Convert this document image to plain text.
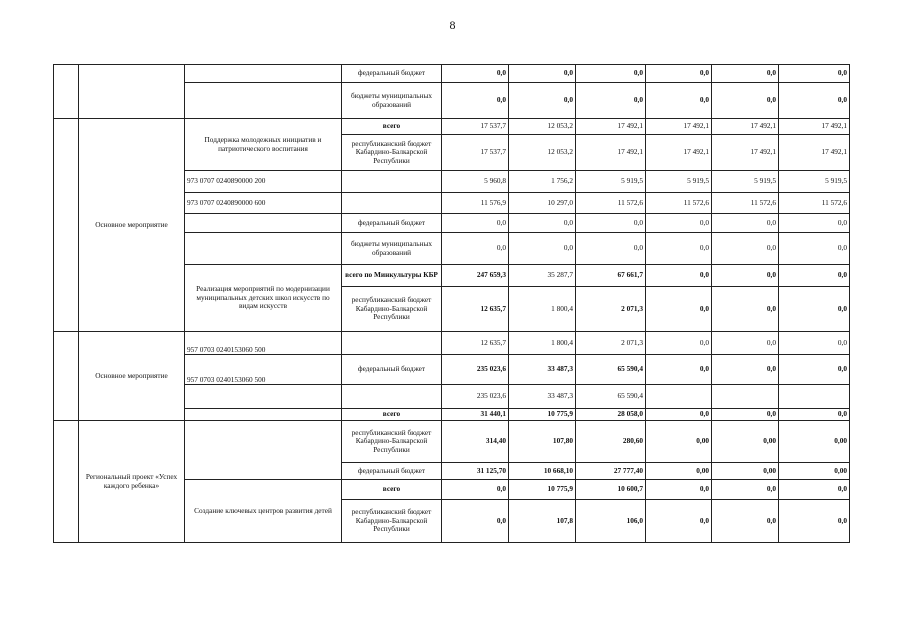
8
			федеральный бюджет	0,0	0,0	0,0	0,0	0,0	0,0
			бюджеты муниципальных образований	0,0	0,0	0,0	0,0	0,0	0,0
	Основное мероприятие	Поддержка молодежных инициатив и патриотического воспитания	всего	17 537,7	12 053,2	17 492,1	17 492,1	17 492,1	17 492,1
			республиканский бюджет Кабардино-Балкарской Республики	17 537,7	12 053,2	17 492,1	17 492,1	17 492,1	17 492,1
		973 0707 0240890000 200		5 960,8	1 756,2	5 919,5	5 919,5	5 919,5	5 919,5
		973 0707 0240890000 600		11 576,9	10 297,0	11 572,6	11 572,6	11 572,6	11 572,6
			федеральный бюджет	0,0	0,0	0,0	0,0	0,0	0,0
			бюджеты муниципальных образований	0,0	0,0	0,0	0,0	0,0	0,0
		Реализация мероприятий по модернизации муниципальных детских школ искусств по видам искусств	всего по Минкультуры КБР	247 659,3	35 287,7	67 661,7	0,0	0,0	0,0
			республиканский бюджет Кабардино-Балкарской Республики	12 635,7	1 800,4	2 071,3	0,0	0,0	0,0
	Основное мероприятие	957 0703 0240153060 500		12 635,7	1 800,4	2 071,3	0,0	0,0	0,0
		957 0703 0240153060 500	федеральный бюджет	235 023,6	33 487,3	65 590,4	0,0	0,0	0,0
				235 023,6	33 487,3	65 590,4			
			всего	31 440,1	10 775,9	28 058,0	0,0	0,0	0,0
	Региональный проект «Успех каждого ребенка»		республиканский бюджет Кабардино-Балкарской Республики	314,40	107,80	280,60	0,00	0,00	0,00
			федеральный бюджет	31 125,70	10 668,10	27 777,40	0,00	0,00	0,00
		Создание ключевых центров развития детей	всего	0,0	10 775,9	10 600,7	0,0	0,0	0,0
			республиканский бюджет Кабардино-Балкарской Республики	0,0	107,8	106,0	0,0	0,0	0,0
